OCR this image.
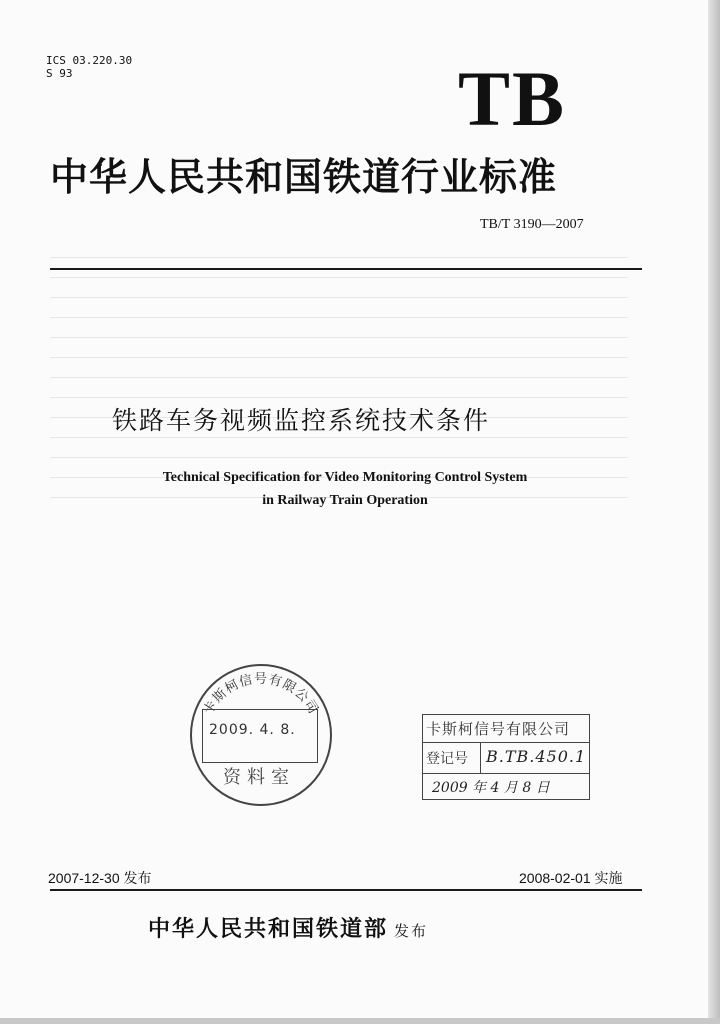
ICS 03.220.30
S 93	TB
中华人民共和国铁道行业标准
TB/T 3190—2007
铁路车务视频监控系统技术条件
Technical Specification for Video Monitoring Control System
in Railway Train Operation
卡斯柯信号有限公司
2009. 4. 8.
资料室
卡斯柯信号有限公司
登记号 B.TB.450.1
2009 年 4 月 8 日
2007-12-30 发布	2008-02-01 实施
中华人民共和国铁道部 发布
